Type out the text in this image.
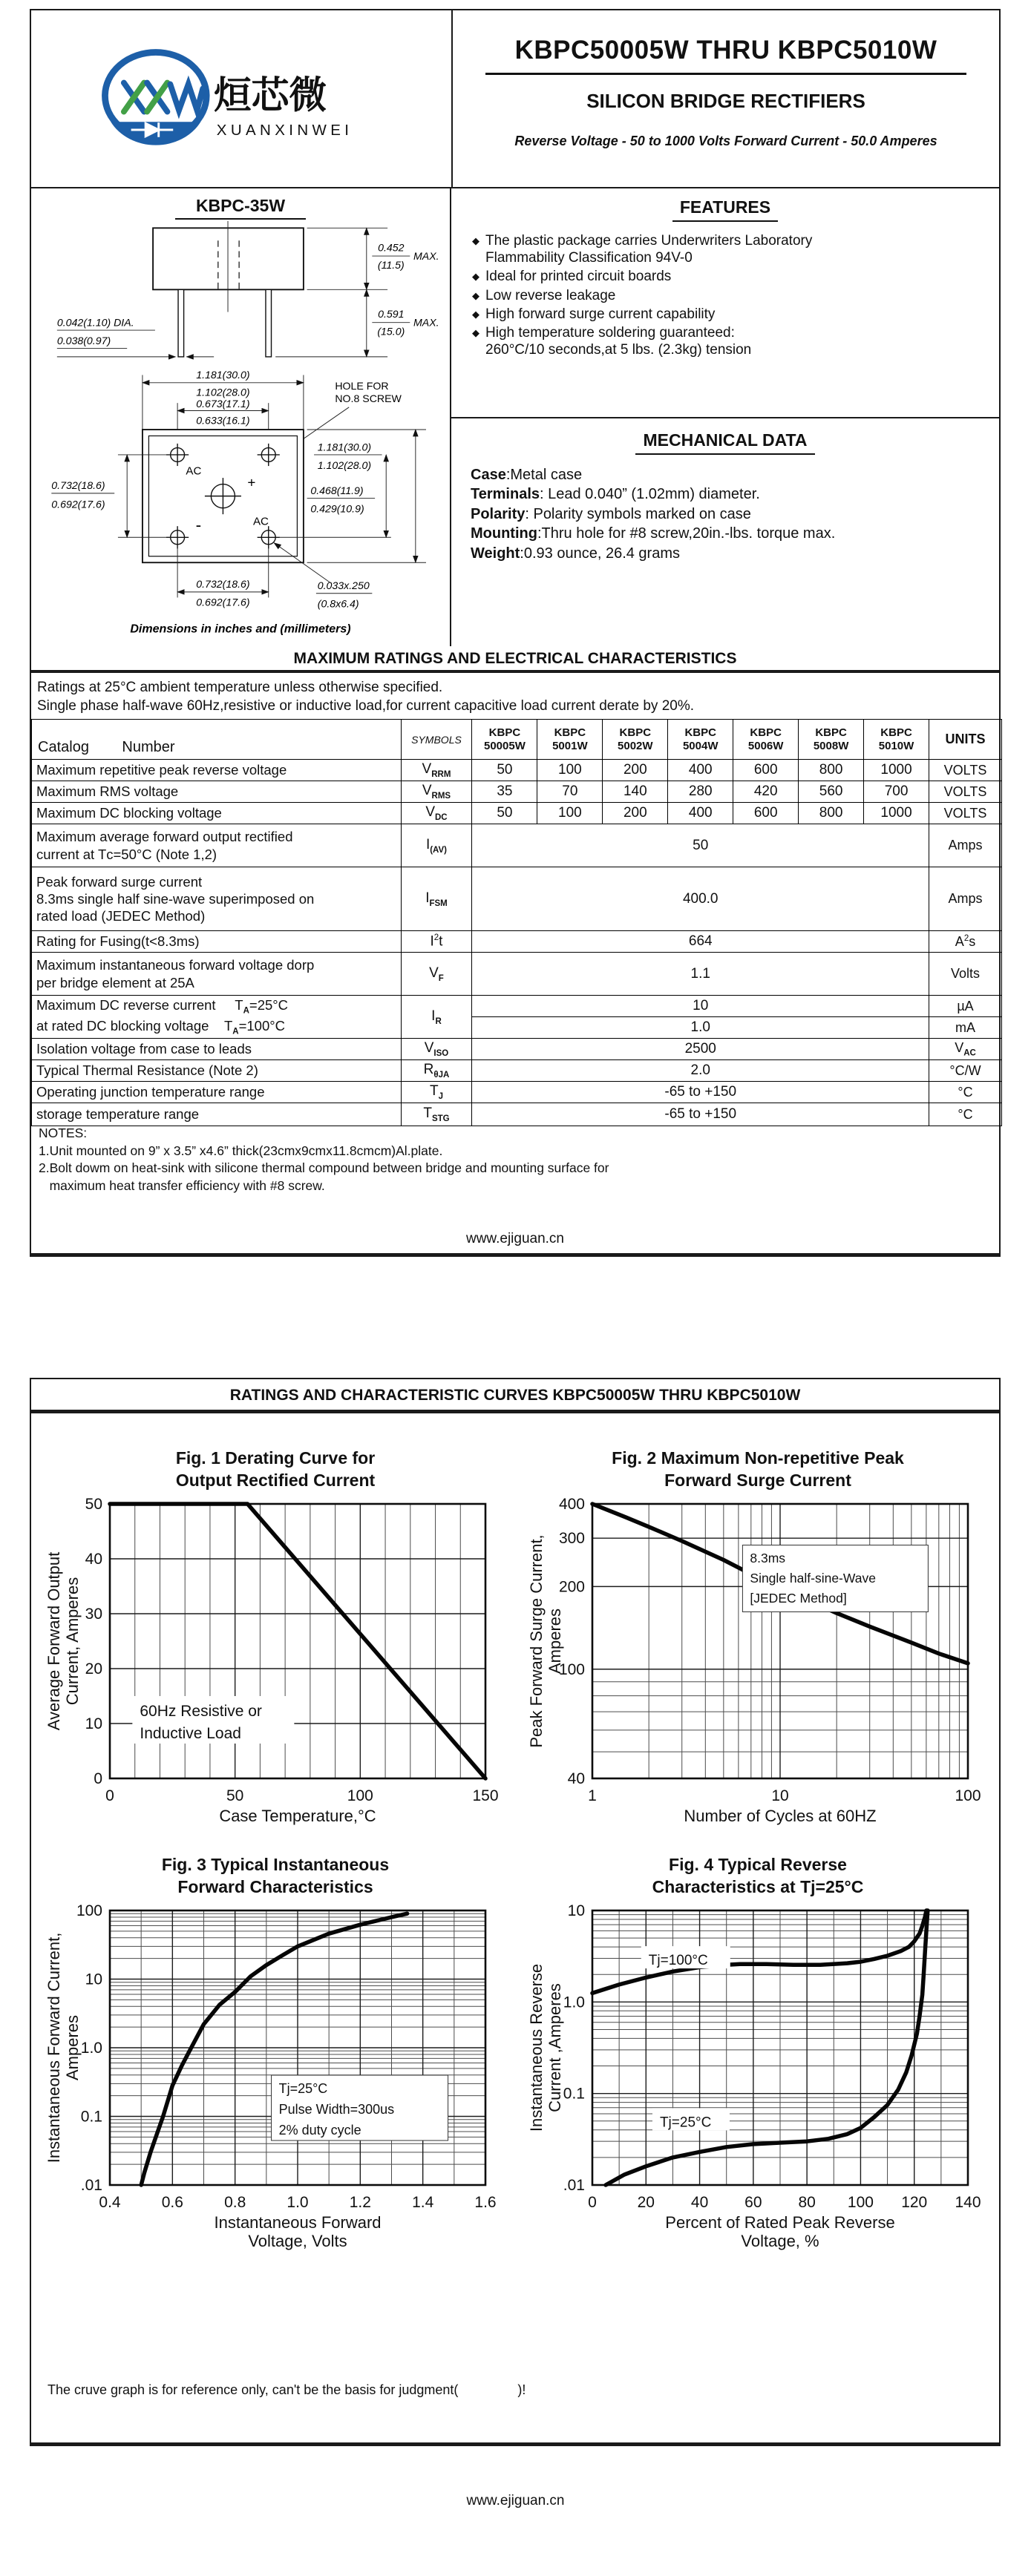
烜芯微
XUANXINWEI
KBPC50005W THRU KBPC5010W
SILICON BRIDGE RECTIFIERS
Reverse Voltage - 50 to 1000 Volts Forward Current - 50.0 Amperes
KBPC-35W
0.452
(11.5)
MAX.
0.591
(15.0)
MAX.
0.042(1.10) DIA.
0.038(0.97)
1.181(30.0)
1.102(28.0)
0.673(17.1)
0.633(16.1)
HOLE FOR
NO.8 SCREW
AC
+
-	AC
0.732(18.6)
0.692(17.6)
1.181(30.0)
1.102(28.0)
0.468(11.9)
0.429(10.9)
0.732(18.6)
0.692(17.6)
0.033x.250
(0.8x6.4)
Dimensions in inches and (millimeters)
FEATURES
◆ The plastic package carries Underwriters Laboratory
Flammability Classification 94V-0
◆ Ideal for printed circuit boards
◆ Low reverse leakage
◆ High forward surge current capability
◆ High temperature soldering guaranteed:
260°C/10 seconds,at 5 lbs. (2.3kg) tension
MECHANICAL DATA
Case:Metal case
Terminals: Lead 0.040” (1.02mm) diameter.
Polarity: Polarity symbols marked on case
Mounting:Thru hole for #8 screw,20in.-lbs. torque max.
Weight:0.93 ounce, 26.4 grams
MAXIMUM RATINGS AND ELECTRICAL CHARACTERISTICS
Ratings at 25°C ambient temperature unless otherwise specified.
Single phase half-wave 60Hz,resistive or inductive load,for current capacitive load current derate by 20%.
Catalog        Number	SYMBOLS	KBPC
50005W	KBPC
5001W	KBPC
5002W	KBPC
5004W	KBPC
5006W	KBPC
5008W	KBPC
5010W	UNITS
Maximum repetitive peak reverse voltage	$V_{RRM}$	50	100	200	400	600	800	1000	VOLTS
Maximum RMS voltage	$V_{RMS}$	35	70	140	280	420	560	700	VOLTS
Maximum DC blocking voltage	$V_{DC}$	50	100	200	400	600	800	1000	VOLTS
Maximum average forward output rectified
current at Tᴄ=50°C (Note 1,2)	$I_{(AV)}$	50							Amps
Peak forward surge current
8.3ms single half sine-wave superimposed on
rated load (JEDEC Method)	$I_{FSM}$	400.0							Amps
Rating for Fusing(t<8.3ms)	$I^2t$	664							$A^2s$
Maximum instantaneous forward voltage dorp
per bridge element at 25A	$V_F$	1.1							Volts
Maximum DC reverse current     $T_A=25^\circ C$
at rated DC blocking voltage    $T_A=100^\circ C$	$I_R$	10							µA
		1.0							mA
Isolation voltage from case to leads	$V_{ISO}$	2500							$V_{AC}$
Typical Thermal Resistance (Note 2)	$R_{\theta JA}$	2.0							°C/W
Operating junction temperature range	$T_J$	-65 to +150							°C
storage temperature range	$T_{STG}$	-65 to +150							°C
NOTES:
1.Unit mounted on 9” x 3.5” x4.6” thick(23cmx9cmx11.8cmcm)Al.plate.
2.Bolt dowm on heat-sink with silicone thermal compound between bridge and mounting surface for
maximum heat transfer efficiency with #8 screw.
www.ejiguan.cn
RATINGS AND CHARACTERISTIC CURVES KBPC50005W THRU KBPC5010W
Fig. 1 Derating Curve for
Output Rectified Current
0	50	100	150
0
10
20
30
40
50
60Hz Resistive or
Inductive Load
Case Temperature,°C
Average Forward Output Current, Amperes
Fig. 2 Maximum Non-repetitive Peak
Forward Surge Current
1	10	100
40
100
200
300
400
8.3ms
Single half-sine-Wave
[JEDEC Method]
Number of Cycles at 60HZ
Peak Forward Surge Current, Amperes
Fig. 3 Typical Instantaneous
Forward Characteristics
0.4	0.6	0.8	1.0	1.2	1.4	1.6
.01
0.1
1.0
10
100
Tj=25°C
Pulse Width=300us
2% duty cycle
Instantaneous Forward
Voltage, Volts
Instantaneous Forward Current, Amperes
Fig. 4 Typical Reverse
Characteristics at Tj=25°C
0	20 40 60 80 100 120 140
.01
0.1
1.0
10
Tj=100°C
Tj=25°C
Percent of Rated Peak Reverse
Voltage, %
Instantaneous Reverse Current ,Amperes
The cruve graph is for reference only, can't be the basis for judgment(                )!
www.ejiguan.cn
